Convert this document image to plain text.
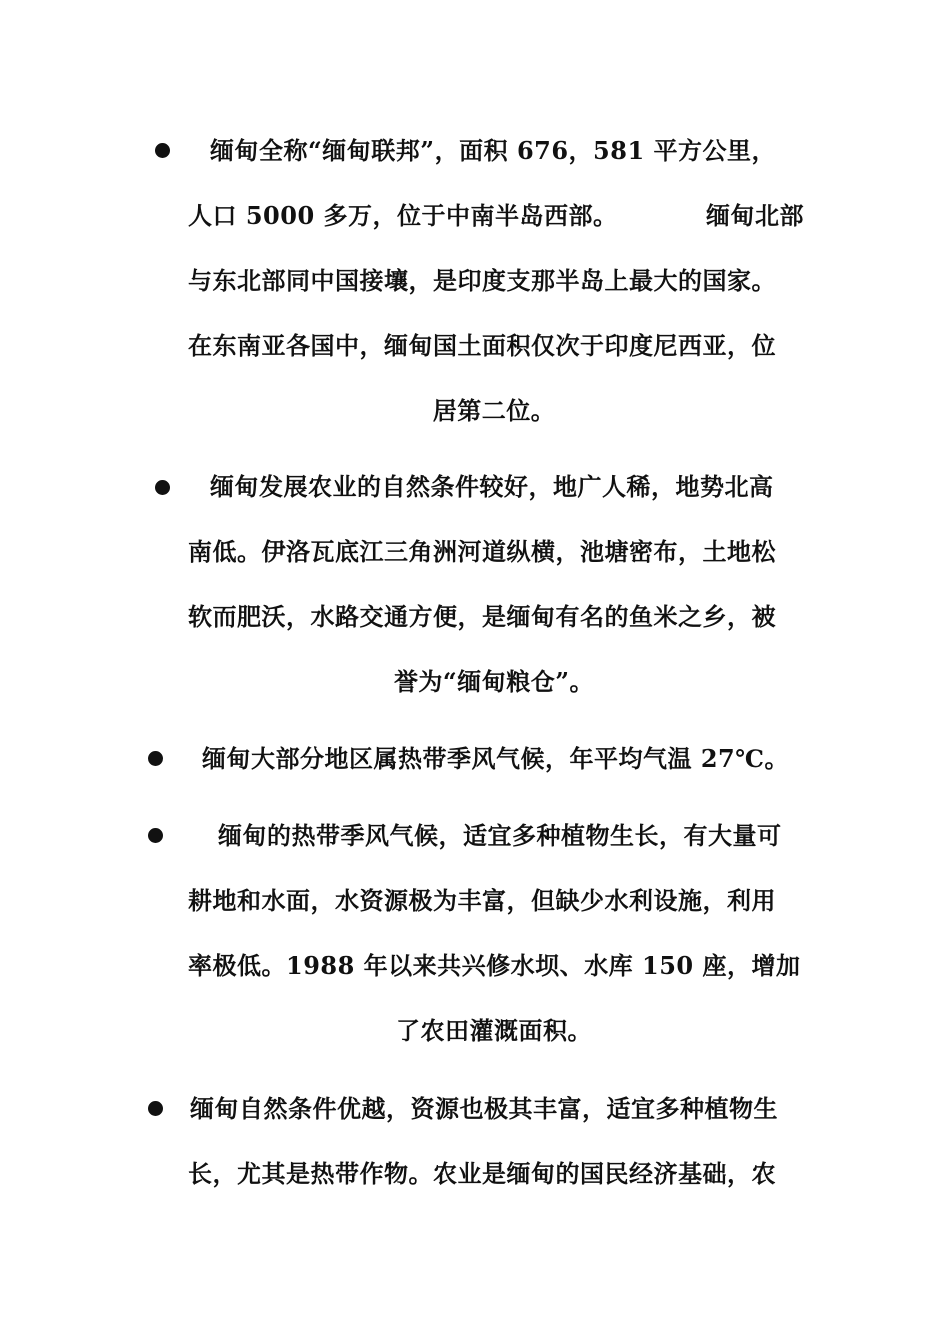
缅甸全称“缅甸联邦”，面积 676，581 平方公里，
人口 5000 多万，位于中南半岛西部。          缅甸北部
与东北部同中国接壤，是印度支那半岛上最大的国家。
在东南亚各国中，缅甸国土面积仅次于印度尼西亚，位
居第二位。
缅甸发展农业的自然条件较好，地广人稀，地势北高
南低。伊洛瓦底江三角洲河道纵横，池塘密布，土地松
软而肥沃，水路交通方便，是缅甸有名的鱼米之乡，被
誉为“缅甸粮仓”。
缅甸大部分地区属热带季风气候，年平均气温 27℃。
缅甸的热带季风气候，适宜多种植物生长，有大量可
耕地和水面，水资源极为丰富，但缺少水利设施，利用
率极低。1988 年以来共兴修水坝、水库 150 座，增加
了农田灌溉面积。
缅甸自然条件优越，资源也极其丰富，适宜多种植物生
长，尤其是热带作物。农业是缅甸的国民经济基础，农
